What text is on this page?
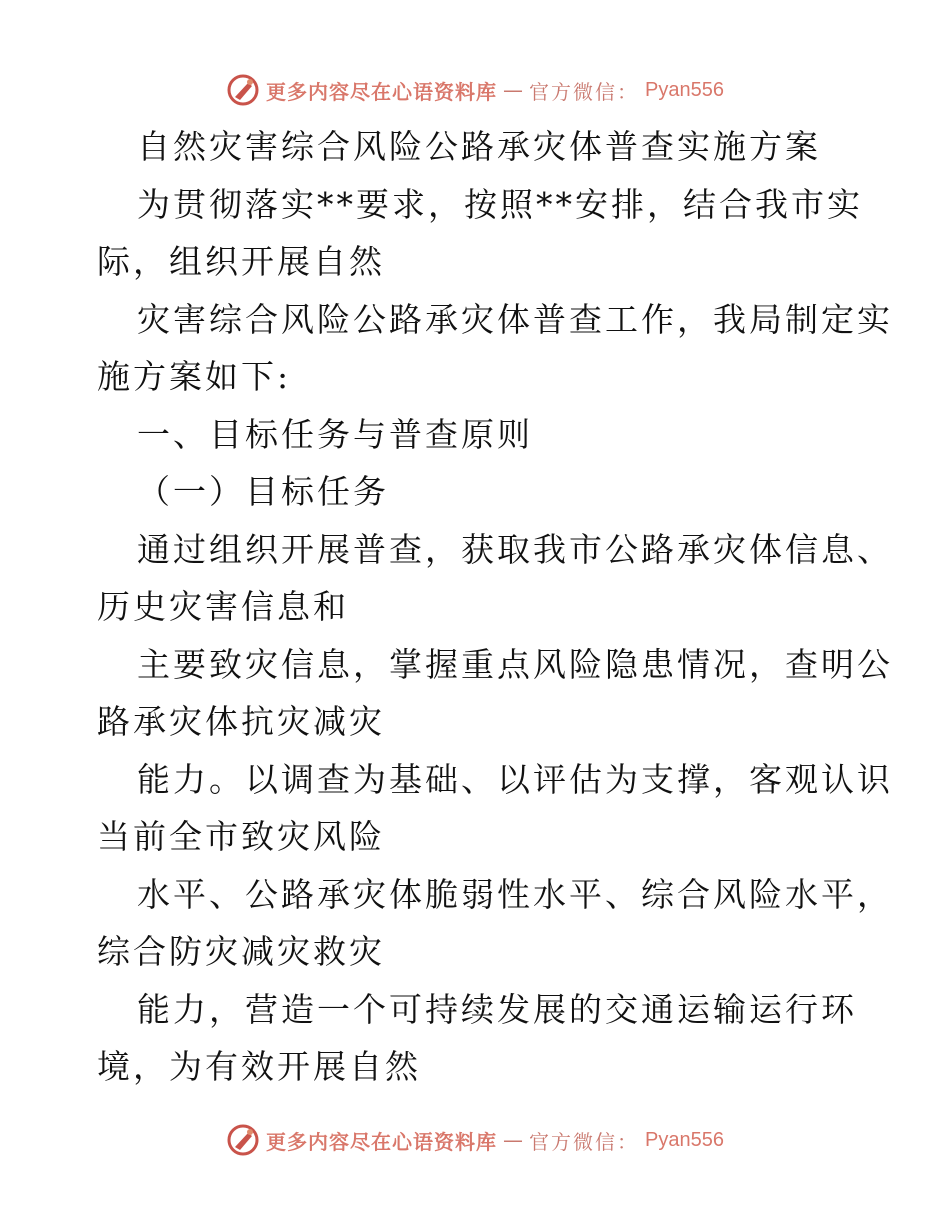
更多内容尽在心语资料库 — 官方微信： Pyan556

自然灾害综合风险公路承灾体普查实施方案

为贯彻落实**要求，按照**安排，结合我市实

际，组织开展自然

灾害综合风险公路承灾体普查工作，我局制定实

施方案如下:

一、目标任务与普查原则

（一）目标任务

通过组织开展普查，获取我市公路承灾体信息、

历史灾害信息和

主要致灾信息，掌握重点风险隐患情况，查明公

路承灾体抗灾减灾

能力。以调查为基础、以评估为支撑，客观认识

当前全市致灾风险

水平、公路承灾体脆弱性水平、综合风险水平，

综合防灾减灾救灾

能力，营造一个可持续发展的交通运输运行环

境，为有效开展自然

更多内容尽在心语资料库 — 官方微信： Pyan556
